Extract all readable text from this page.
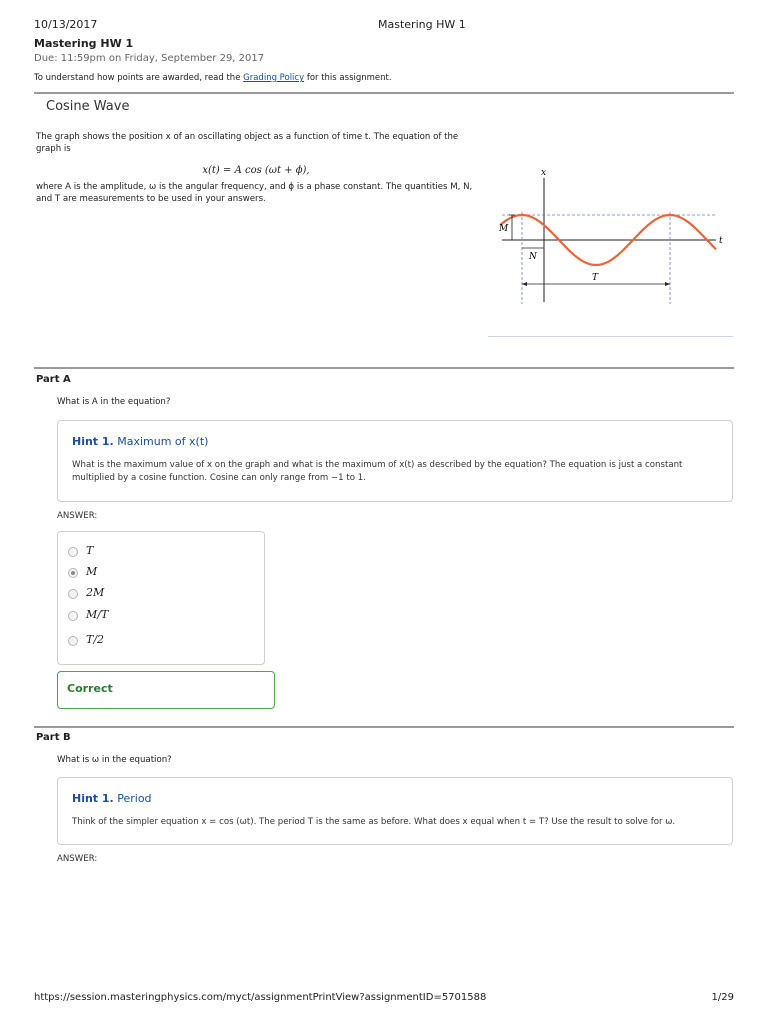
10/13/2017	Mastering HW 1
Mastering HW 1
Due: 11:59pm on Friday, September 29, 2017
To understand how points are awarded, read the Grading Policy for this assignment.
Cosine Wave
The graph shows the position x of an oscillating object as a function of time t. The equation of the graph is
x(t) = A cos (ωt + ϕ),
where A is the amplitude, ω is the angular frequency, and ϕ is a phase constant. The quantities M, N, and T are measurements to be used in your answers.
x
t
M
N
T
Part A
What is A in the equation?
Hint 1. Maximum of x(t)
What is the maximum value of x on the graph and what is the maximum of x(t) as described by the equation? The equation is just a constant
multiplied by a cosine function. Cosine can only range from −1 to 1.
ANSWER:
T
M
2M
M/T
T/2
Correct
Part B
What is ω in the equation?
Hint 1. Period
Think of the simpler equation x = cos (ωt). The period T is the same as before. What does x equal when t = T? Use the result to solve for ω.
ANSWER:
https://session.masteringphysics.com/myct/assignmentPrintView?assignmentID=5701588	1/29
